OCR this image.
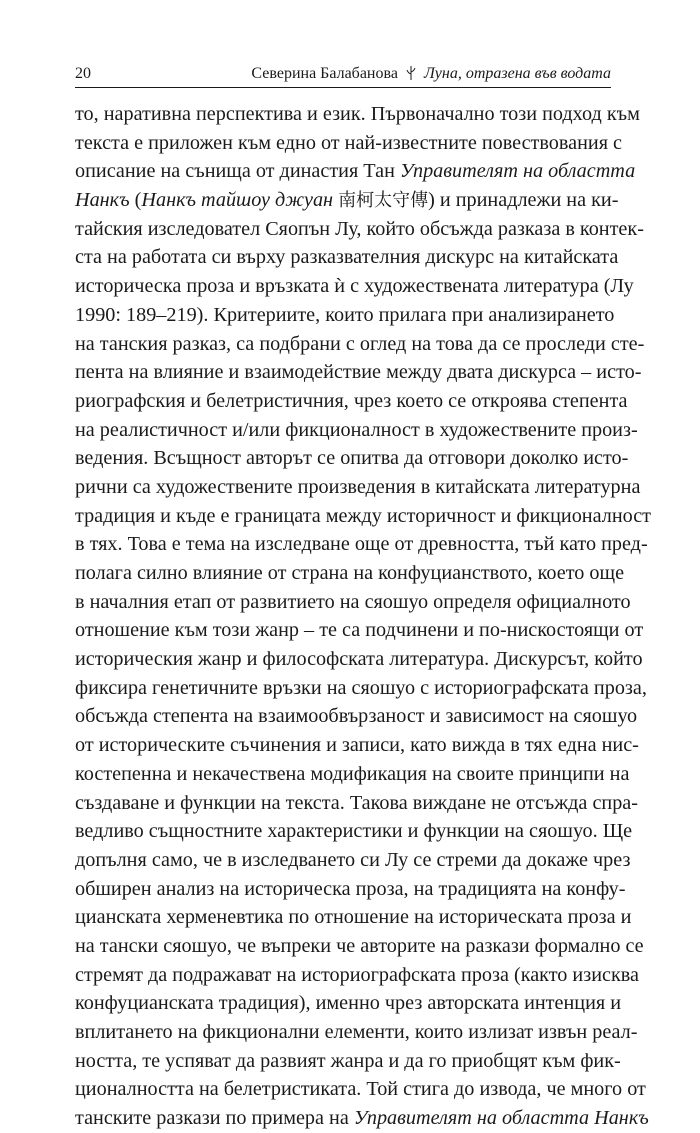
20	Северина Балабанова Луна, отразена във водата
то, наративна перспектива и език. Първоначално този подход към
текста е приложен към едно от най-известните повествования с
описание на сънища от династия Тан Управителят на областта
Нанкъ (Нанкъ тайшоу джуан 南柯太守傳) и принадлежи на ки-
тайския изследовател Сяопън Лу, който обсъжда разказа в контек-
ста на работата си върху разказвателния дискурс на китайската
историческа проза и връзката ѝ с художествената литература (Лу
1990: 189–219). Критериите, които прилага при анализирането
на танския разказ, са подбрани с оглед на това да се проследи сте-
пента на влияние и взаимодействие между двата дискурса – исто-
риографския и белетристичния, чрез което се откроява степента
на реалистичност и/или фикционалност в художествените произ-
ведения. Всъщност авторът се опитва да отговори доколко исто-
рични са художествените произведения в китайската литературна
традиция и къде е границата между историчност и фикционалност
в тях. Това е тема на изследване още от древността, тъй като пред-
полага силно влияние от страна на конфуцианството, което още
в началния етап от развитието на сяошуо определя официалното
отношение към този жанр – те са подчинени и по-нискостоящи от
историческия жанр и философската литература. Дискурсът, който
фиксира генетичните връзки на сяошуо с историографската проза,
обсъжда степента на взаимообвързаност и зависимост на сяошуо
от историческите съчинения и записи, като вижда в тях една нис-
костепенна и некачествена модификация на своите принципи на
създаване и функции на текста. Такова виждане не отсъжда спра-
ведливо същностните характеристики и функции на сяошуо. Ще
допълня само, че в изследването си Лу се стреми да докаже чрез
обширен анализ на историческа проза, на традицията на конфу-
цианската херменевтика по отношение на историческата проза и
на тански сяошуо, че въпреки че авторите на разкази формално се
стремят да подражават на историографската проза (както изисква
конфуцианската традиция), именно чрез авторската интенция и
вплитането на фикционални елементи, които излизат извън реал-
ността, те успяват да развият жанра и да го приобщят към фик-
ционалността на белетристиката. Той стига до извода, че много от
танските разкази по примера на Управителят на областта Нанкъ
